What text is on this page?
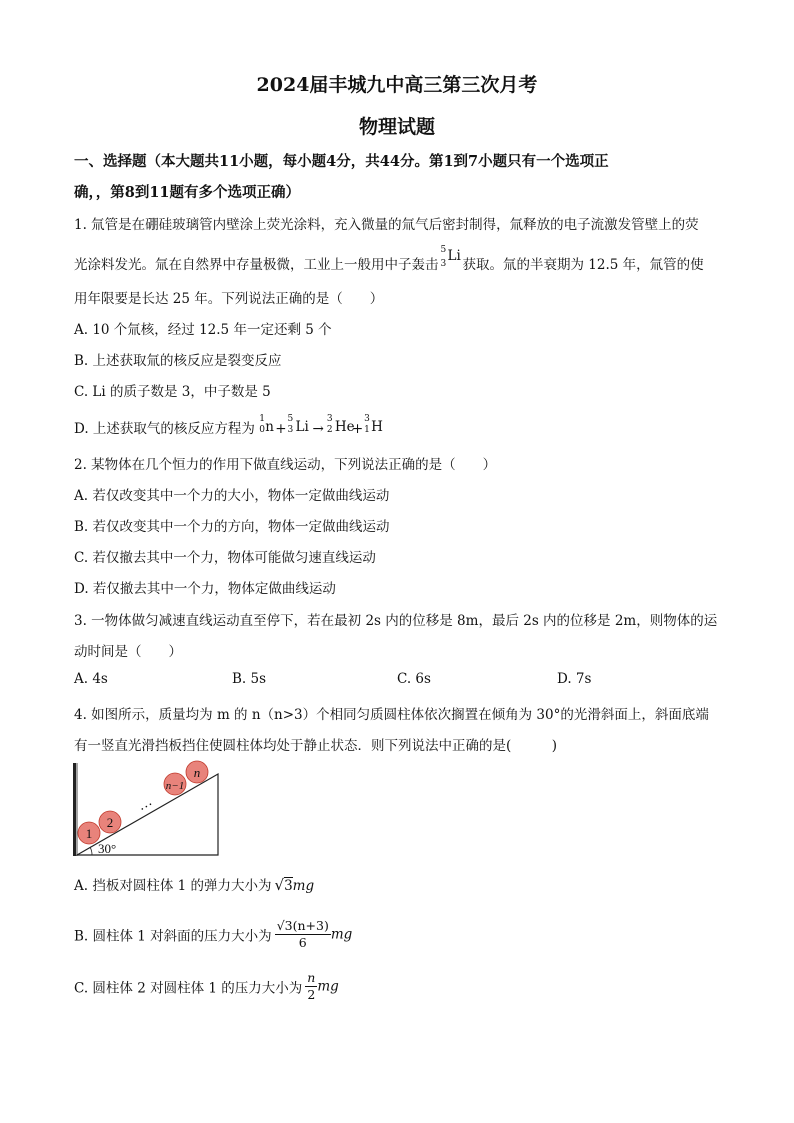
2024届丰城九中高三第三次月考
物理试题
一、选择题（本大题共11小题，每小题4分，共44分。第1到7小题只有一个选项正
确，，第8到11题有多个选项正确）
1. 氚管是在硼硅玻璃管内壁涂上荧光涂料，充入微量的氚气后密封制得，氚释放的电子流激发管壁上的荧
光涂料发光。氚在自然界中存量极微，工业上一般用中子轰击
5
3 Li
获取。氚的半衰期为 12.5 年，氚管的使
用年限要是长达 25 年。下列说法正确的是（　　）
A. 10 个氚核，经过 12.5 年一定还剩 5 个
B. 上述获取氚的核反应是裂变反应
C. Li 的质子数是 3，中子数是 5
D. 上述获取气的核反应方程为
1
0 n +
5
3 Li →
3
2 He
+
3
1 H
2. 某物体在几个恒力的作用下做直线运动，下列说法正确的是（　　）
A. 若仅改变其中一个力的大小，物体一定做曲线运动
B. 若仅改变其中一个力的方向，物体一定做曲线运动
C. 若仅撤去其中一个力，物体可能做匀速直线运动
D. 若仅撤去其中一个力，物体定做曲线运动
3. 一物体做匀减速直线运动直至停下，若在最初 2s 内的位移是 8m，最后 2s 内的位移是 2m，则物体的运
动时间是（　　）
A. 4s	B. 5s	C. 6s	D. 7s
4. 如图所示，质量均为 m 的 n（n>3）个相同匀质圆柱体依次搁置在倾角为 30°的光滑斜面上，斜面底端
有一竖直光滑挡板挡住使圆柱体均处于静止状态．则下列说法中正确的是(　　　)
30°
1
2
…
n−1
n
A. 挡板对圆柱体 1 的弹力大小为 √3mg
B. 圆柱体 1 对斜面的压力大小为 $\frac{√3(n+3)}{6}$ mg
C. 圆柱体 2 对圆柱体 1 的压力大小为 $\frac{n}{2}$ mg
